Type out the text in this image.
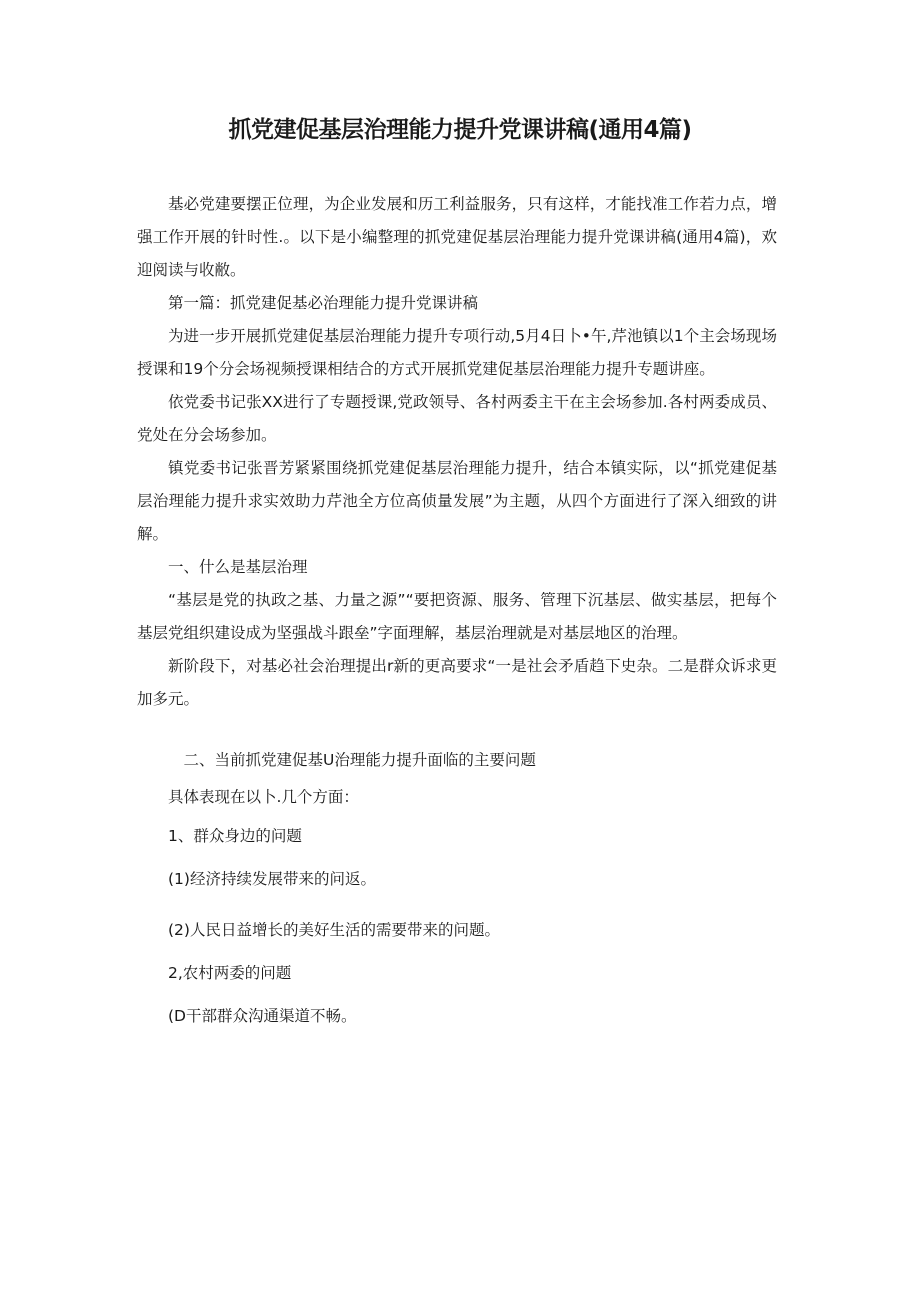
抓党建促基层治理能力提升党课讲稿(通用4篇)

基必党建要摆正位理，为企业发展和历工利益服务，只有这样，才能找准工作若力点，增强工作开展的针时性.。以下是小编整理的抓党建促基层治理能力提升党课讲稿(通用4篇)，欢迎阅读与收敝。

第一篇：抓党建促基必治理能力提升党课讲稿

为进一步开展抓党建促基层治理能力提升专项行动,5月4日卜•午,芹池镇以1个主会场现场授课和19个分会场视频授课相结合的方式开展抓党建促基层治理能力提升专题讲座。

依党委书记张XX进行了专题授课,党政领导、各村两委主干在主会场参加.各村两委成员、党处在分会场参加。

镇党委书记张晋芳紧紧围绕抓党建促基层治理能力提升，结合本镇实际，以“抓党建促基层治理能力提升求实效助力芹池全方位高侦量发展”为主题，从四个方面进行了深入细致的讲解。

一、什么是基层治理

“基层是党的执政之基、力量之源”“要把资源、服务、管理下沉基层、做实基层，把每个基层党组织建设成为坚强战斗跟垒”字面理解，基层治理就是对基层地区的治理。

新阶段下，对基必社会治理提出r新的更高要求“一是社会矛盾趋下史杂。二是群众诉求更加多元。

二、当前抓党建促基U治理能力提升面临的主要问题

具体表现在以卜.几个方面：

1、群众身边的问题

(1)经济持续发展带来的问返。

(2)人民日益增长的美好生活的需要带来的问题。

2,农村两委的问题

(D干部群众沟通渠道不畅。
